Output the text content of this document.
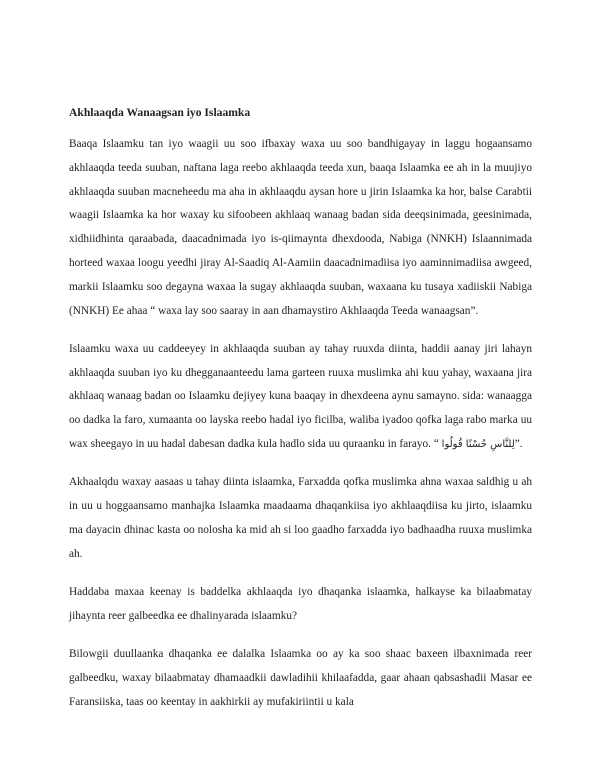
Akhlaaqda Wanaagsan iyo Islaamka
Baaqa Islaamku tan iyo waagii uu soo ifbaxay waxa uu soo bandhigayay in laggu hogaansamo akhlaaqda teeda suuban, naftana laga reebo akhlaaqda teeda xun, baaqa Islaamka ee ah in la muujiyo akhlaaqda suuban macneheedu ma aha in akhlaaqdu aysan hore u jirin Islaamka ka hor, balse Carabtii waagii Islaamka ka hor waxay ku sifoobeen akhlaaq wanaag badan sida deeqsinimada, geesinimada, xidhiidhinta qaraabada, daacadnimada iyo is-qiimaynta dhexdooda, Nabiga (NNKH) Islaannimada horteed waxaa loogu yeedhi jiray Al-Saadiq Al-Aamiin daacadnimadiisa iyo aaminnimadiisa awgeed, markii Islaamku soo degayna waxaa la sugay akhlaaqda suuban, waxaana ku tusaya xadiiskii Nabiga (NNKH) Ee ahaa “ waxa lay soo saaray in aan dhamaystiro Akhlaaqda Teeda wanaagsan”.
Islaamku waxa uu caddeeyey in akhlaaqda suuban ay tahay ruuxda diinta, haddii aanay jiri lahayn akhlaaqda suuban iyo ku dhegganaanteedu lama garteen ruuxa muslimka ahi kuu yahay, waxaana jira akhlaaq wanaag badan oo Islaamku dejiyey kuna baaqay in dhexdeena aynu samayno. sida: wanaagga oo dadka la faro, xumaanta oo layska reebo hadal iyo ficilba, waliba iyadoo qofka laga rabo marka uu wax sheegayo in uu hadal dabesan dadka kula hadlo sida uu quraanku in farayo. “ لِلنَّاسِ حُسْنًا قُولُوا”.
Akhaalqdu waxay aasaas u tahay diinta islaamka, Farxadda qofka muslimka ahna waxaa saldhig u ah in uu u hoggaansamo manhajka Islaamka maadaama dhaqankiisa iyo akhlaaqdiisa ku jirto, islaamku ma dayacin dhinac kasta oo nolosha ka mid ah si loo gaadho farxadda iyo badhaadha ruuxa muslimka ah.
Haddaba maxaa keenay is baddelka akhlaaqda iyo dhaqanka islaamka, halkayse ka bilaabmatay jihaynta reer galbeedka ee dhalinyarada islaamku?
Bilowgii duullaanka dhaqanka ee dalalka Islaamka oo ay ka soo shaac baxeen ilbaxnimada reer galbeedku, waxay bilaabmatay dhamaadkii dawladihii khilaafadda, gaar ahaan qabsashadii Masar ee Faransiiska, taas oo keentay in aakhirkii ay mufakiriintii u kala
